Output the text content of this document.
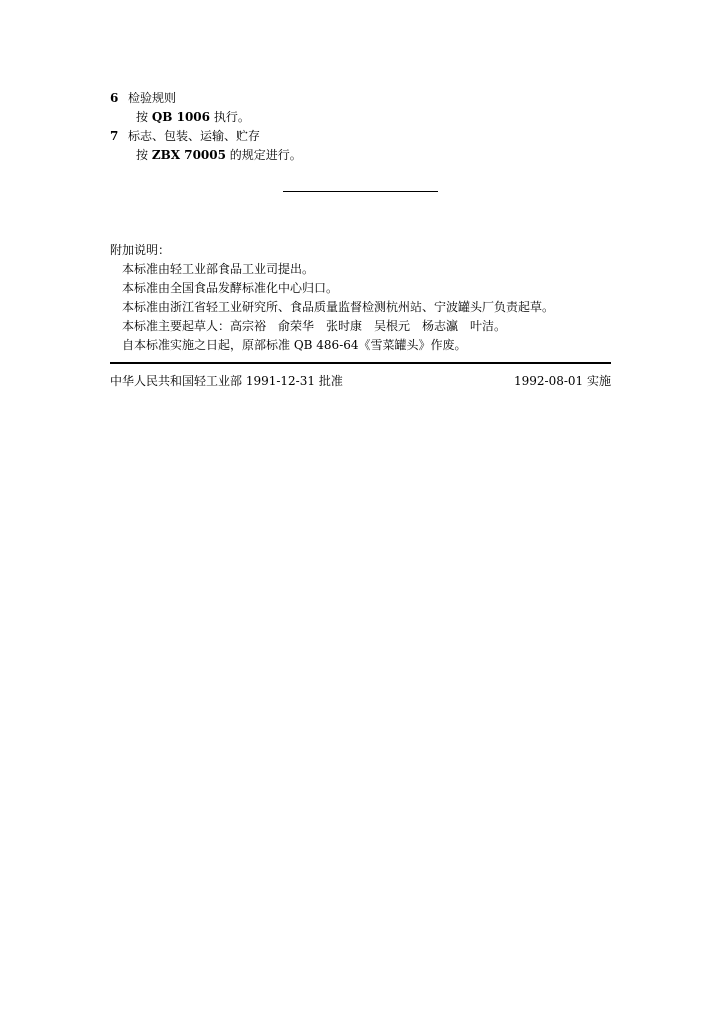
6 检验规则
按 QB 1006 执行。
7 标志、包装、运输、贮存
按 ZBX 70005 的规定进行。
附加说明：
本标准由轻工业部食品工业司提出。
本标准由全国食品发酵标准化中心归口。
本标准由浙江省轻工业研究所、食品质量监督检测杭州站、宁波罐头厂负责起草。
本标准主要起草人：高宗裕　俞荣华　张时康　吴根元　杨志瀛　叶洁。
自本标准实施之日起，原部标准 QB 486-64《雪菜罐头》作废。
中华人民共和国轻工业部 1991-12-31 批准	1992-08-01 实施
